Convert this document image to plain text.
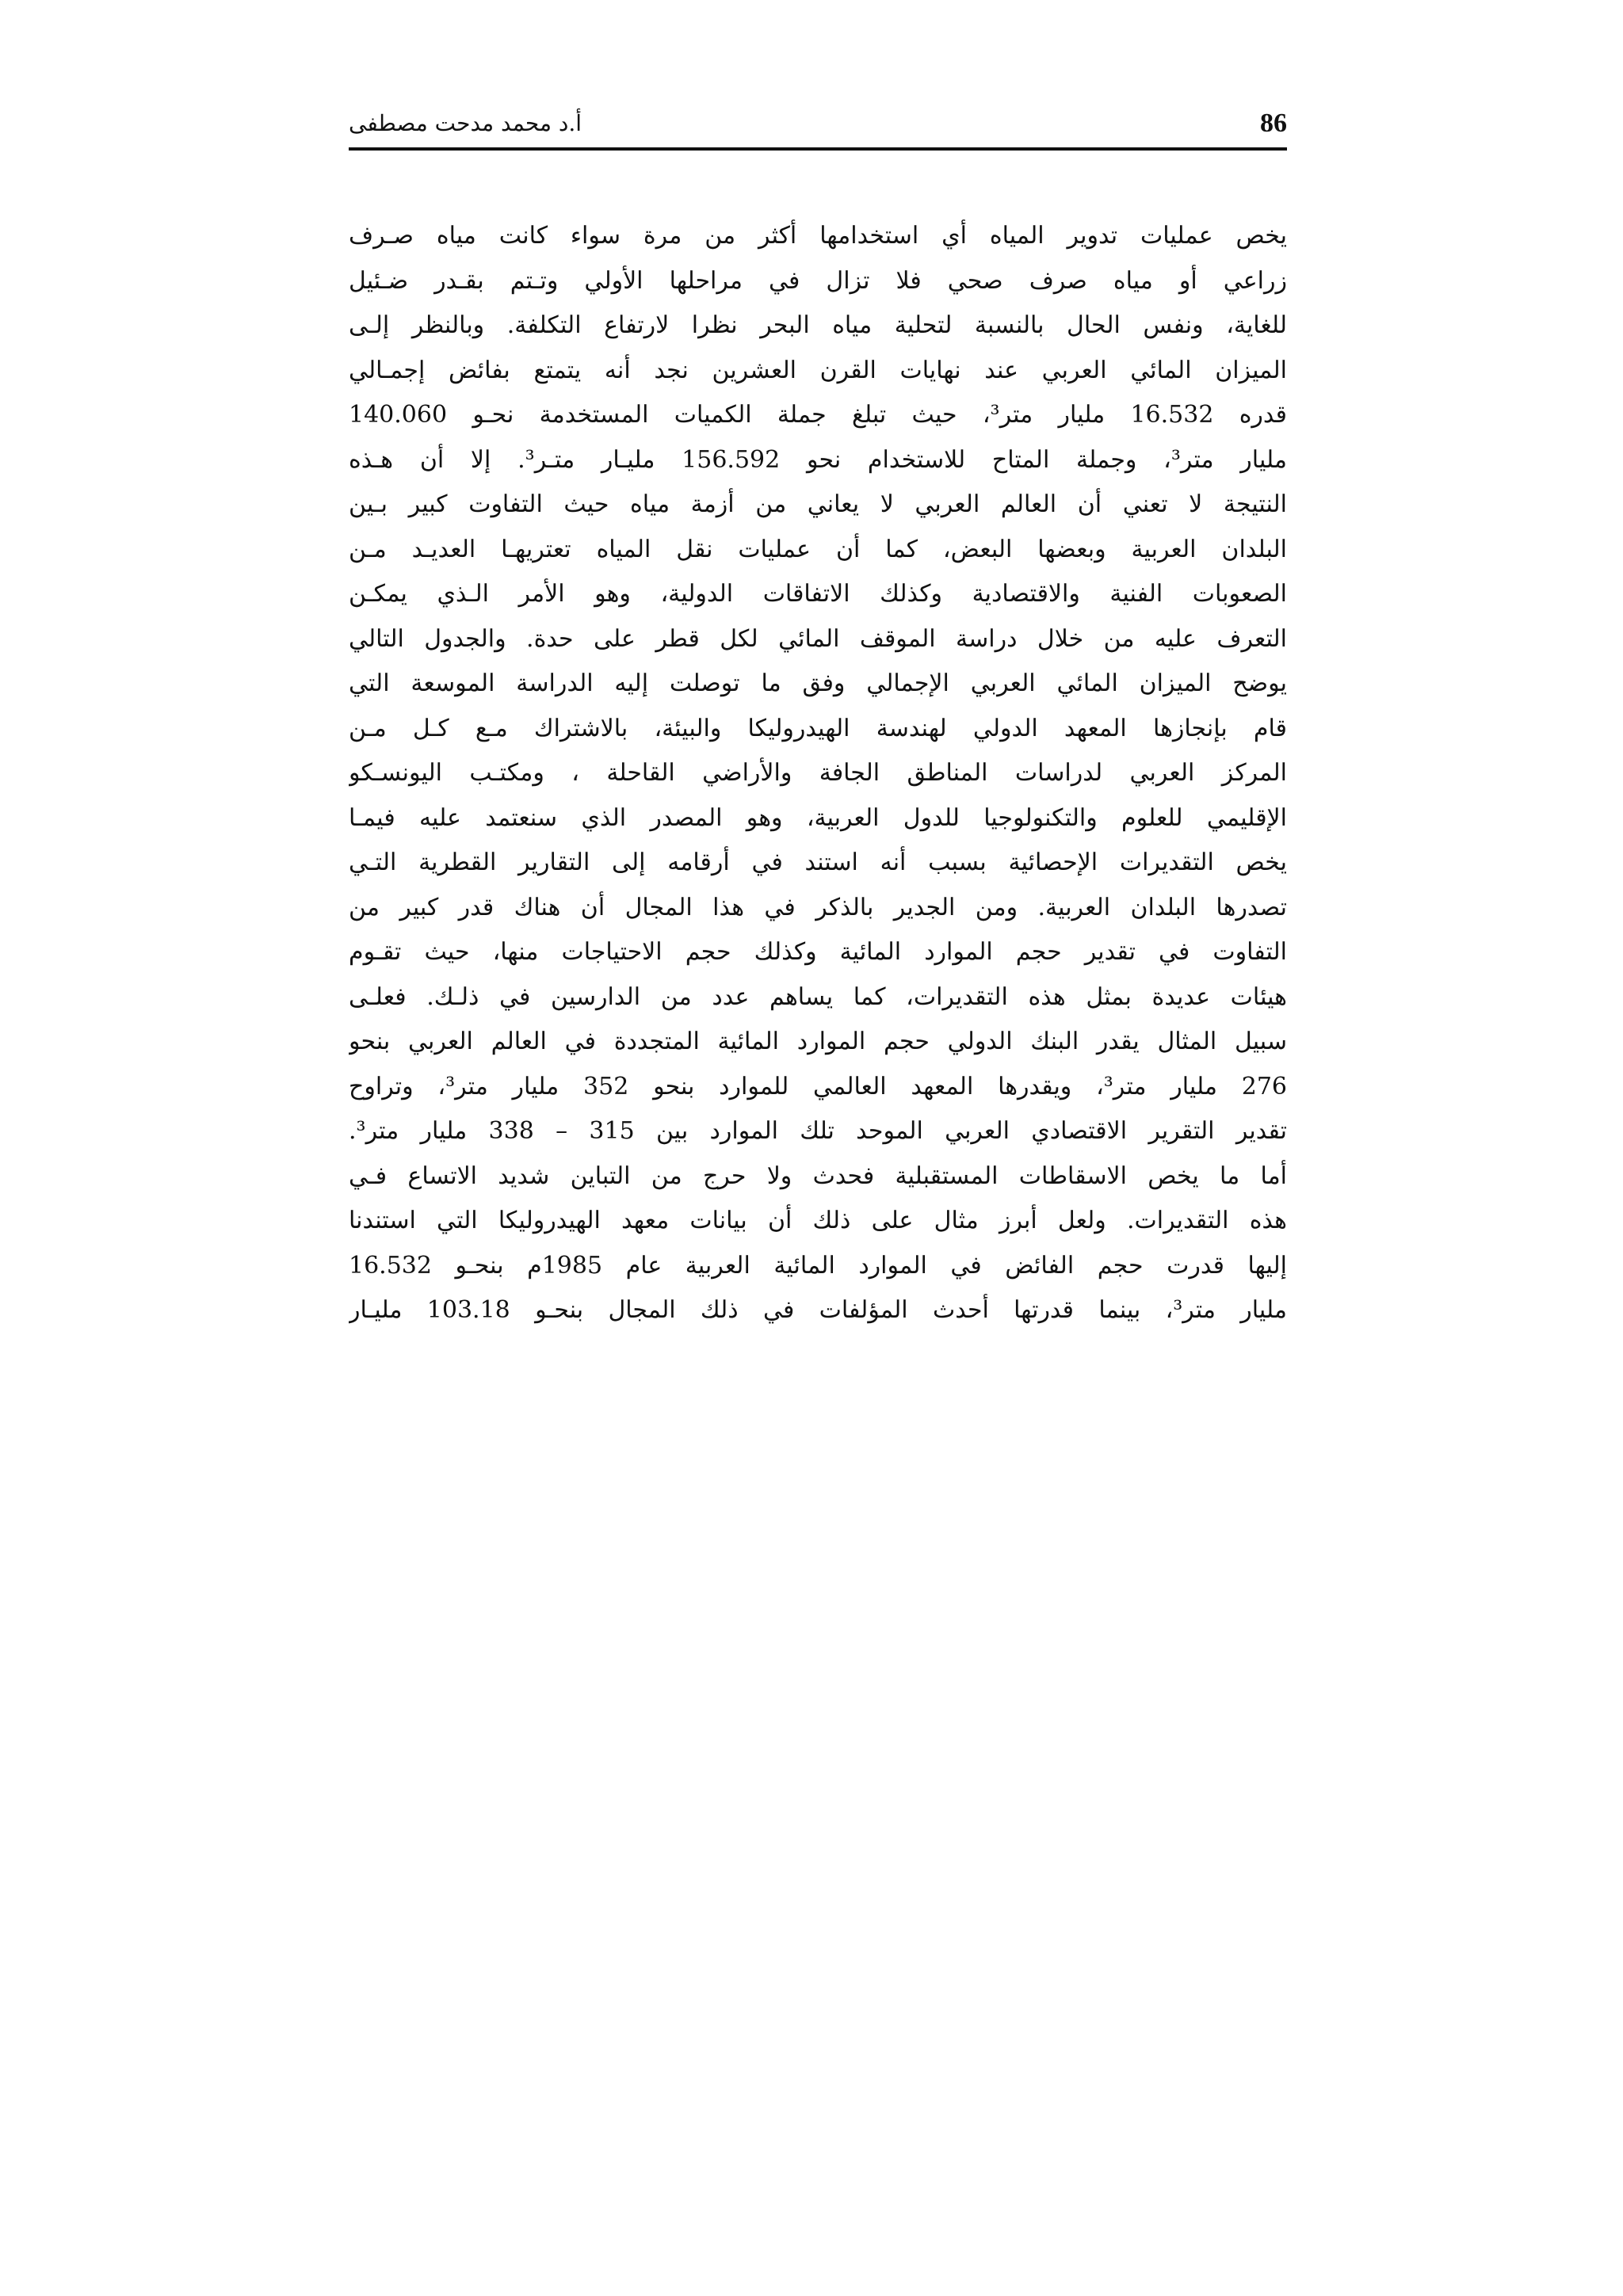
86
أ.د محمد مدحت مصطفى
يخص عمليات تدوير المياه أي استخدامها أكثر من مرة سواء كانت مياه صـرف
زراعي أو مياه صرف صحي فلا تزال في مراحلها الأولي وتـتم بقـدر ضـئيل
للغاية، ونفس الحال بالنسبة لتحلية مياه البحر نظرا لارتفاع التكلفة. وبالنظر إلـى
الميزان المائي العربي عند نهايات القرن العشرين نجد أنه يتمتع بفائض إجمـالي
قدره 16.532 مليار متر³، حيث تبلغ جملة الكميات المستخدمة نحـو 140.060
مليار متر³، وجملة المتاح للاستخدام نحو 156.592 مليـار متـر³. إلا أن هـذه
النتيجة لا تعني أن العالم العربي لا يعاني من أزمة مياه حيث التفاوت كبير بـين
البلدان العربية وبعضها البعض، كما أن عمليات نقل المياه تعتريهـا العديـد مـن
الصعوبات الفنية والاقتصادية وكذلك الاتفاقات الدولية، وهو الأمر الـذي يمكـن
التعرف عليه من خلال دراسة الموقف المائي لكل قطر على حدة. والجدول التالي
يوضح الميزان المائي العربي الإجمالي وفق ما توصلت إليه الدراسة الموسعة التي
قام بإنجازها المعهد الدولي لهندسة الهيدروليكا والبيئة، بالاشتراك مـع كـل مـن
المركز العربي لدراسات المناطق الجافة والأراضي القاحلة ، ومكتـب اليونسـكو
الإقليمي للعلوم والتكنولوجيا للدول العربية، وهو المصدر الذي سنعتمد عليه فيمـا
يخص التقديرات الإحصائية بسبب أنه استند في أرقامه إلى التقارير القطرية التـي
تصدرها البلدان العربية. ومن الجدير بالذكر في هذا المجال أن هناك قدر كبير من
التفاوت في تقدير حجم الموارد المائية وكذلك حجم الاحتياجات منها، حيث تقـوم
هيئات عديدة بمثل هذه التقديرات، كما يساهم عدد من الدارسين في ذلـك. فعلـى
سبيل المثال يقدر البنك الدولي حجم الموارد المائية المتجددة في العالم العربي بنحو
276 مليار متر³، ويقدرها المعهد العالمي للموارد بنحو 352 مليار متر³، وتراوح
تقدير التقرير الاقتصادي العربي الموحد تلك الموارد بين 315 – 338 مليار متر³.
أما ما يخص الاسقاطات المستقبلية فحدث ولا حرج من التباين شديد الاتساع فـي
هذه التقديرات. ولعل أبرز مثال على ذلك أن بيانات معهد الهيدروليكا التي استندنا
إليها قدرت حجم الفائض في الموارد المائية العربية عام 1985م بنحـو 16.532
مليار متر³، بينما قدرتها أحدث المؤلفات في ذلك المجال بنحـو 103.18 مليـار
